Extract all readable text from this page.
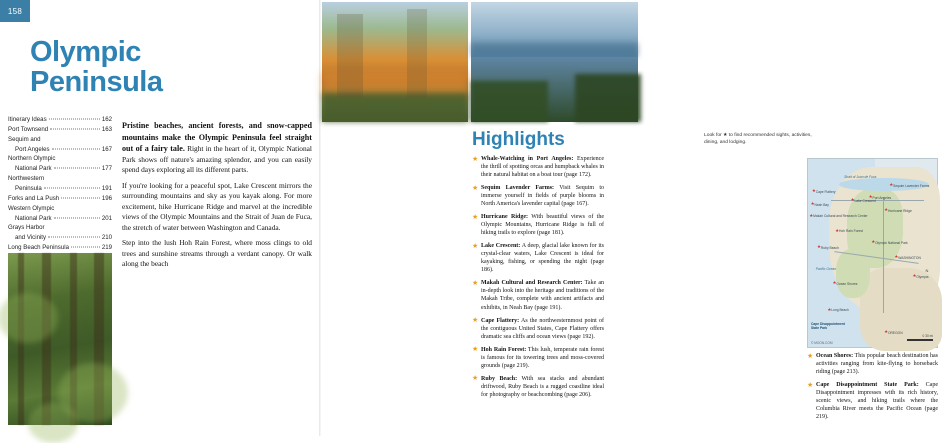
158
Olympic Peninsula
Itinerary Ideas	162
Port Townsend	163
Sequim and
Port Angeles	167
Northern Olympic
National Park	177
Northwestern
Peninsula	191
Forks and La Push	196
Western Olympic
National Park	201
Grays Harbor
and Vicinity	210
Long Beach Peninsula	219

Pristine beaches, ancient forests, and snow-capped mountains make the Olympic Peninsula feel straight out of a fairy tale. Right in the heart of it, Olympic National Park shows off nature's amazing splendor, and you can easily spend days exploring all its different parts.

If you're looking for a peaceful spot, Lake Crescent mirrors the surrounding mountains and sky as you kayak along. For more excitement, hike Hurricane Ridge and marvel at the incredible views of the Olympic Mountains and the Strait of Juan de Fuca, the stretch of water between Washington and Canada.

Step into the lush Hoh Rain Forest, where moss clings to old trees and sunshine streams through a verdant canopy. Or walk along the beach

Highlights	Look for ★ to find recommended sights, activities, dining, and lodging.
★ Whale-Watching in Port Angeles: Experience the thrill of spotting orcas and humpback whales in their natural habitat on a boat tour (page 172).
★ Sequim Lavender Farms: Visit Sequim to immerse yourself in fields of purple blooms in North America's lavender capital (page 167).
★ Hurricane Ridge: With beautiful views of the Olympic Mountains, Hurricane Ridge is full of hiking trails to explore (page 181).
★ Lake Crescent: A deep, glacial lake known for its crystal-clear waters, Lake Crescent is ideal for kayaking, fishing, or spending the night (page 186).
★ Makah Cultural and Research Center: Take an in-depth look into the heritage and traditions of the Makah Tribe, complete with ancient artifacts and exhibits, in Neah Bay (page 191).
★ Cape Flattery: As the northwesternmost point of the contiguous United States, Cape Flattery offers dramatic sea cliffs and ocean views (page 192).
★ Hoh Rain Forest: This lush, temperate rain forest is famous for its towering trees and moss-covered grounds (page 219).
★ Ruby Beach: With sea stacks and abundant driftwood, Ruby Beach is a rugged coastline ideal for photography or beachcombing (page 206).
Cape Disappointment State Park
N
0 30 mi
© MOON.COM
Strait of Juan de Fuca
★ Cape Flattery
★ Makah Cultural and Research Center
★ Neah Bay
★ Port Angeles
★ Sequim Lavender Farms
★ Hurricane Ridge
★ Lake Crescent
★ Olympic National Park
★ Hoh Rain Forest
★ Ruby Beach
Pacific Ocean
★ Ocean Shores
★ Olympia
★ Long Beach
★ WASHINGTON
★ OREGON
★ Ocean Shores: This popular beach destination has activities ranging from kite-flying to horseback riding (page 213).
★ Cape Disappointment State Park: Cape Disappointment impresses with its rich history, scenic views, and hiking trails where the Columbia River meets the Pacific Ocean (page 219).
